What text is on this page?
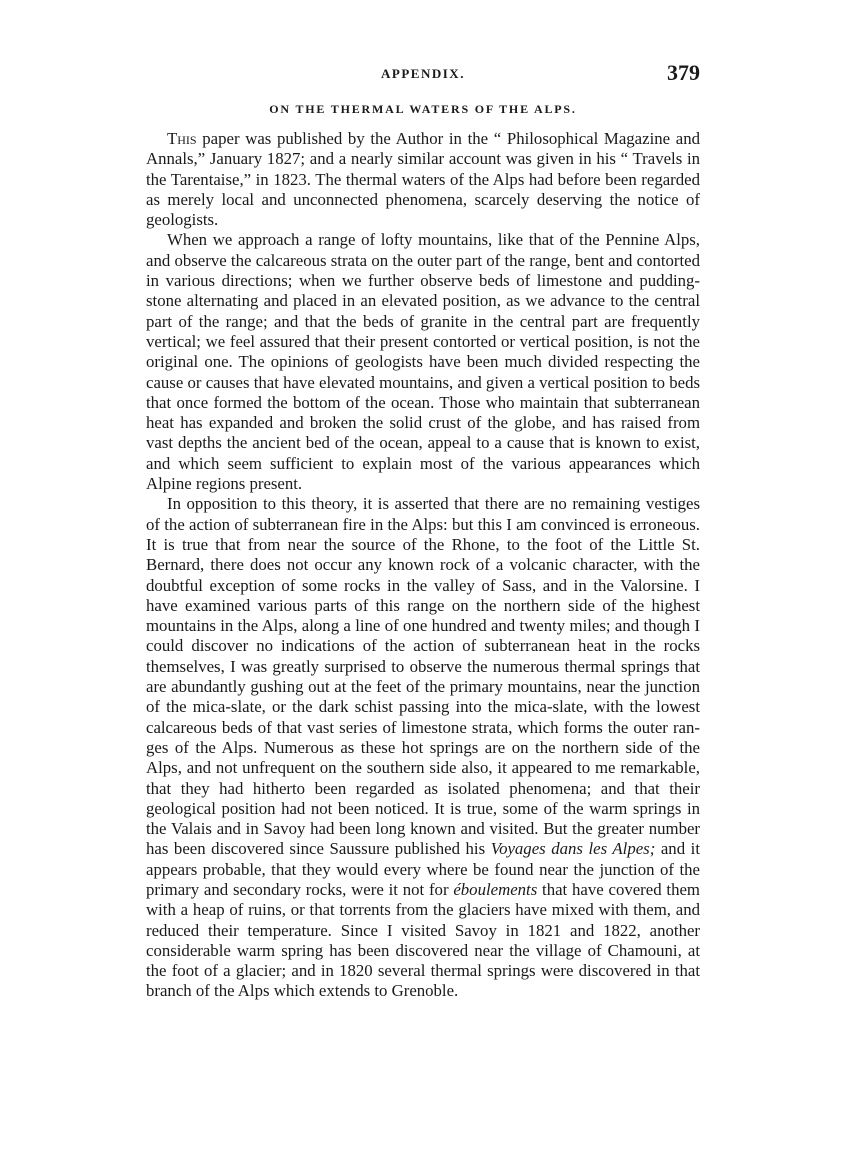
APPENDIX.	379
ON THE THERMAL WATERS OF THE ALPS.

This paper was published by the Author in the “ Philosophical Magazine and Annals,” January 1827; and a nearly similar account was given in his “ Travels in the Tarentaise,” in 1823. The thermal waters of the Alps had before been regarded as merely local and unconnected phenomena, scarcely deserving the notice of geologists.

When we approach a range of lofty mountains, like that of the Pennine Alps, and observe the calcareous strata on the outer part of the range, bent and contorted in various directions; when we further observe beds of limestone and pudding-stone alternating and placed in an elevated position, as we advance to the central part of the range; and that the beds of granite in the central part are frequently vertical; we feel assured that their present contorted or vertical position, is not the original one. The opinions of geologists have been much divided respecting the cause or causes that have elevated mountains, and given a vertical position to beds that once formed the bottom of the ocean. Those who maintain that subterranean heat has expanded and broken the solid crust of the globe, and has raised from vast depths the ancient bed of the ocean, appeal to a cause that is known to exist, and which seem sufficient to explain most of the various appearances which Alpine regions present.

In opposition to this theory, it is asserted that there are no remaining vestiges of the action of subterranean fire in the Alps: but this I am convinced is erroneous. It is true that from near the source of the Rhone, to the foot of the Little St. Bernard, there does not occur any known rock of a volcanic character, with the doubtful exception of some rocks in the valley of Sass, and in the Valorsine. I have examined various parts of this range on the northern side of the highest mountains in the Alps, along a line of one hundred and twenty miles; and though I could discover no indications of the action of subterranean heat in the rocks themselves, I was greatly surprised to observe the numerous thermal springs that are abundantly gushing out at the feet of the primary mountains, near the junction of the mica-slate, or the dark schist passing into the mica-slate, with the lowest calcareous beds of that vast series of limestone strata, which forms the outer ranges of the Alps. Numerous as these hot springs are on the northern side of the Alps, and not unfrequent on the southern side also, it appeared to me remarkable, that they had hitherto been regarded as isolated phenomena; and that their geological position had not been noticed. It is true, some of the warm springs in the Valais and in Savoy had been long known and visited. But the greater number has been discovered since Saussure published his Voyages dans les Alpes; and it appears probable, that they would every where be found near the junction of the primary and secondary rocks, were it not for éboulements that have covered them with a heap of ruins, or that torrents from the glaciers have mixed with them, and reduced their temperature. Since I visited Savoy in 1821 and 1822, another considerable warm spring has been discovered near the village of Chamouni, at the foot of a glacier; and in 1820 several thermal springs were discovered in that branch of the Alps which extends to Grenoble.
